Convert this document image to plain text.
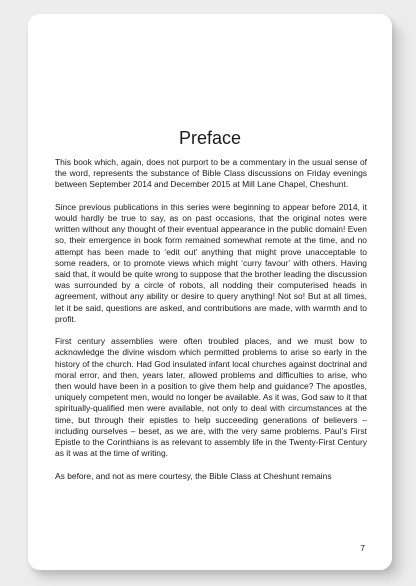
Preface

This book which, again, does not purport to be a commentary in the usual sense of the word, represents the substance of Bible Class discussions on Friday evenings between September 2014 and December 2015 at Mill Lane Chapel, Cheshunt.

Since previous publications in this series were beginning to appear before 2014, it would hardly be true to say, as on past occasions, that the original notes were written without any thought of their eventual appearance in the public domain! Even so, their emergence in book form remained somewhat remote at the time, and no attempt has been made to ‘edit out’ anything that might prove unacceptable to some readers, or to promote views which might ‘curry favour’ with others. Having said that, it would be quite wrong to suppose that the brother leading the discussion was surrounded by a circle of robots, all nodding their computerised heads in agreement, without any ability or desire to query anything! Not so! But at all times, let it be said, questions are asked, and contributions are made, with warmth and to profit.

First century assemblies were often troubled places, and we must bow to acknowledge the divine wisdom which permitted problems to arise so early in the history of the church. Had God insulated infant local churches against doctrinal and moral error, and then, years later, allowed problems and difficulties to arise, who then would have been in a position to give them help and guidance? The apostles, uniquely competent men, would no longer be available. As it was, God saw to it that spiritually-qualified men were available, not only to deal with circumstances at the time, but through their epistles to help succeeding generations of believers – including ourselves – beset, as we are, with the very same problems. Paul’s First Epistle to the Corinthians is as relevant to assembly life in the Twenty-First Century as it was at the time of writing.

As before, and not as mere courtesy, the Bible Class at Cheshunt remains

7
